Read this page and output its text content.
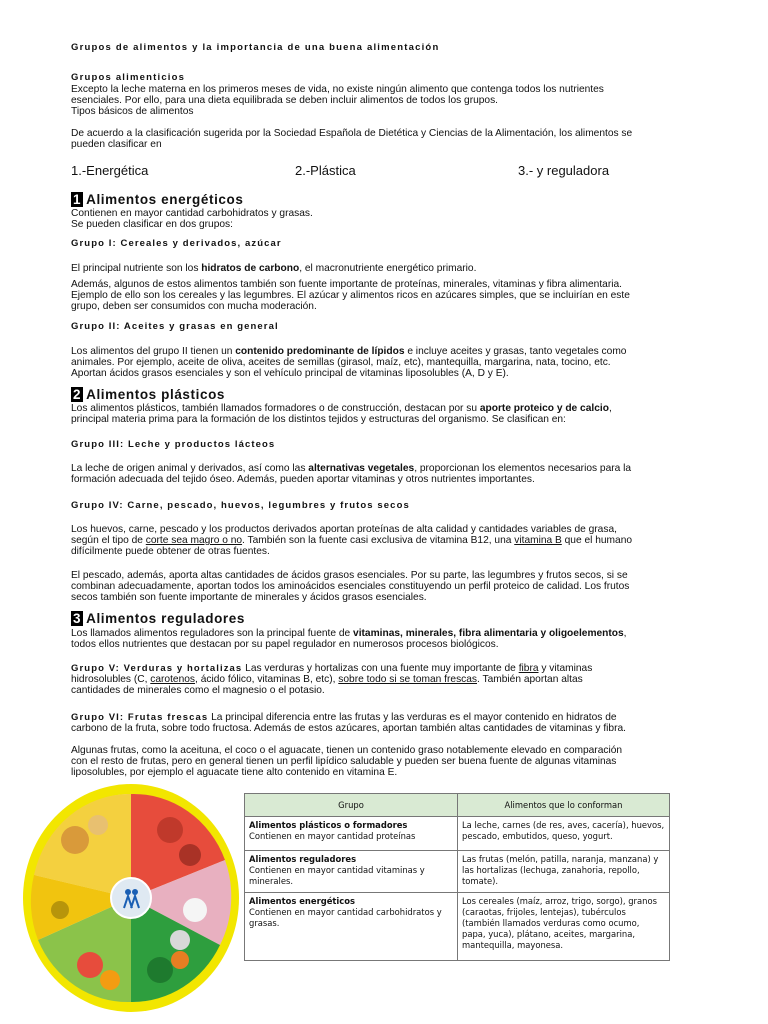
Grupos de alimentos y la importancia de una buena alimentación
Grupos alimenticios
Excepto la leche materna en los primeros meses de vida, no existe ningún alimento que contenga todos los nutrientes
esenciales. Por ello, para una dieta equilibrada se deben incluir alimentos de todos los grupos.
Tipos básicos de alimentos
De acuerdo a la clasificación sugerida por la Sociedad Española de Dietética y Ciencias de la Alimentación, los alimentos se
pueden clasificar en
1.-Energética	2.-Plástica	3.- y reguladora
1 Alimentos energéticos
Contienen en mayor cantidad carbohidratos y grasas.
Se pueden clasificar en dos grupos:
Grupo I: Cereales y derivados, azúcar
El principal nutriente son los hidratos de carbono, el macronutriente energético primario.
Además, algunos de estos alimentos también son fuente importante de proteínas, minerales, vitaminas y fibra alimentaria.
Ejemplo de ello son los cereales y las legumbres. El azúcar y alimentos ricos en azúcares simples, que se incluirían en este
grupo, deben ser consumidos con mucha moderación.
Grupo II: Aceites y grasas en general
Los alimentos del grupo II tienen un contenido predominante de lípidos e incluye aceites y grasas, tanto vegetales como
animales. Por ejemplo, aceite de oliva, aceites de semillas (girasol, maíz, etc), mantequilla, margarina, nata, tocino, etc.
Aportan ácidos grasos esenciales y son el vehículo principal de vitaminas liposolubles (A, D y E).
2 Alimentos plásticos
Los alimentos plásticos, también llamados formadores o de construcción, destacan por su aporte proteico y de calcio,
principal materia prima para la formación de los distintos tejidos y estructuras del organismo. Se clasifican en:
Grupo III: Leche y productos lácteos
La leche de origen animal y derivados, así como las alternativas vegetales, proporcionan los elementos necesarios para la
formación adecuada del tejido óseo. Además, pueden aportar vitaminas y otros nutrientes importantes.
Grupo IV: Carne, pescado, huevos, legumbres y frutos secos
Los huevos, carne, pescado y los productos derivados aportan proteínas de alta calidad y cantidades variables de grasa,
según el tipo de corte sea magro o no. También son la fuente casi exclusiva de vitamina B12, una vitamina B que el humano
difícilmente puede obtener de otras fuentes.
El pescado, además, aporta altas cantidades de ácidos grasos esenciales. Por su parte, las legumbres y frutos secos, si se
combinan adecuadamente, aportan todos los aminoácidos esenciales constituyendo un perfil proteico de calidad. Los frutos
secos también son fuente importante de minerales y ácidos grasos esenciales.
3 Alimentos reguladores
Los llamados alimentos reguladores son la principal fuente de vitaminas, minerales, fibra alimentaria y oligoelementos,
todos ellos nutrientes que destacan por su papel regulador en numerosos procesos biológicos.
Grupo V: Verduras y hortalizas Las verduras y hortalizas con una fuente muy importante de fibra y vitaminas
hidrosolubles (C, carotenos, ácido fólico, vitaminas B, etc), sobre todo si se toman frescas. También aportan altas
cantidades de minerales como el magnesio o el potasio.
Grupo VI: Frutas frescas La principal diferencia entre las frutas y las verduras es el mayor contenido en hidratos de
carbono de la fruta, sobre todo fructosa. Además de estos azúcares, aportan también altas cantidades de vitaminas y fibra.
Algunas frutas, como la aceituna, el coco o el aguacate, tienen un contenido graso notablemente elevado en comparación
con el resto de frutas, pero en general tienen un perfil lipídico saludable y pueden ser buena fuente de algunas vitaminas
liposolubles, por ejemplo el aguacate tiene alto contenido en vitamina E.
Grupo	Alimentos que lo conforman

Alimentos plásticos o formadores
Contienen en mayor cantidad proteínas	La leche, carnes (de res, aves, cacería), huevos, pescado, embutidos, queso, yogurt.

Alimentos reguladores
Contienen en mayor cantidad vitaminas y minerales.	Las frutas (melón, patilla, naranja, manzana) y las hortalizas (lechuga, zanahoria, repollo, tomate).

Alimentos energéticos
Contienen en mayor cantidad carbohidratos y grasas.	Los cereales (maíz, arroz, trigo, sorgo), granos (caraotas, frijoles, lentejas), tubérculos (también llamados verduras como ocumo, papa, yuca), plátano, aceites, margarina, mantequilla, mayonesa.
